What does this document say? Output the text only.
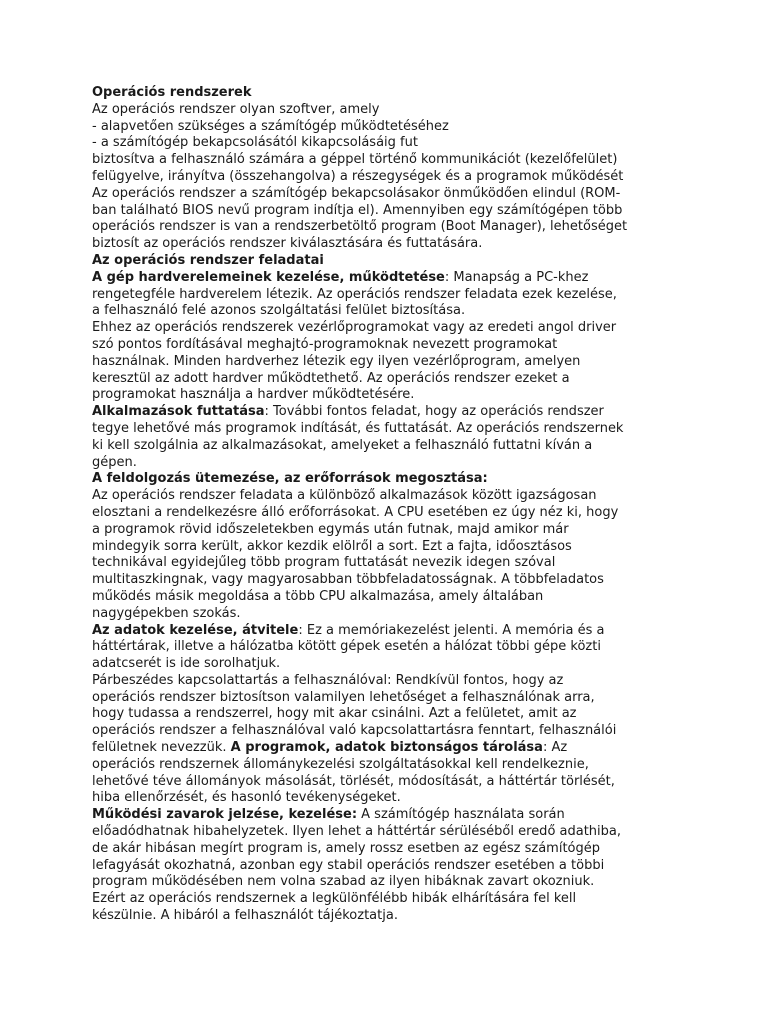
Operációs rendszerek
Az operációs rendszer olyan szoftver, amely
- alapvetően szükséges a számítógép működtetéséhez
- a számítógép bekapcsolásától kikapcsolásáig fut
biztosítva a felhasználó számára a géppel történő kommunikációt (kezelőfelület)
felügyelve, irányítva (összehangolva) a részegységek és a programok működését
Az operációs rendszer a számítógép bekapcsolásakor önműködően elindul (ROM-
ban található BIOS nevű program indítja el). Amennyiben egy számítógépen több
operációs rendszer is van a rendszerbetöltő program (Boot Manager), lehetőséget
biztosít az operációs rendszer kiválasztására és futtatására.
Az operációs rendszer feladatai
A gép hardverelemeinek kezelése, működtetése: Manapság a PC-khez
rengetegféle hardverelem létezik. Az operációs rendszer feladata ezek kezelése,
a felhasználó felé azonos szolgáltatási felület biztosítása.
Ehhez az operációs rendszerek vezérlőprogramokat vagy az eredeti angol driver
szó pontos fordításával meghajtó-programoknak nevezett programokat
használnak. Minden hardverhez létezik egy ilyen vezérlőprogram, amelyen
keresztül az adott hardver működtethető. Az operációs rendszer ezeket a
programokat használja a hardver működtetésére.
Alkalmazások futtatása: További fontos feladat, hogy az operációs rendszer
tegye lehetővé más programok indítását, és futtatását. Az operációs rendszernek
ki kell szolgálnia az alkalmazásokat, amelyeket a felhasználó futtatni kíván a
gépen.
A feldolgozás ütemezése, az erőforrások megosztása:
Az operációs rendszer feladata a különböző alkalmazások között igazságosan
elosztani a rendelkezésre álló erőforrásokat. A CPU esetében ez úgy néz ki, hogy
a programok rövid időszeletekben egymás után futnak, majd amikor már
mindegyik sorra került, akkor kezdik elölről a sort. Ezt a fajta, időosztásos
technikával egyidejűleg több program futtatását nevezik idegen szóval
multitaszkingnak, vagy magyarosabban többfeladatosságnak. A többfeladatos
működés másik megoldása a több CPU alkalmazása, amely általában
nagygépekben szokás.
Az adatok kezelése, átvitele: Ez a memóriakezelést jelenti. A memória és a
háttértárak, illetve a hálózatba kötött gépek esetén a hálózat többi gépe közti
adatcserét is ide sorolhatjuk.
Párbeszédes kapcsolattartás a felhasználóval: Rendkívül fontos, hogy az
operációs rendszer biztosítson valamilyen lehetőséget a felhasználónak arra,
hogy tudassa a rendszerrel, hogy mit akar csinálni. Azt a felületet, amit az
operációs rendszer a felhasználóval való kapcsolattartásra fenntart, felhasználói
felületnek nevezzük. A programok, adatok biztonságos tárolása: Az
operációs rendszernek állománykezelési szolgáltatásokkal kell rendelkeznie,
lehetővé téve állományok másolását, törlését, módosítását, a háttértár törlését,
hiba ellenőrzését, és hasonló tevékenységeket.
Működési zavarok jelzése, kezelése: A számítógép használata során
előadódhatnak hibahelyzetek. Ilyen lehet a háttértár sérüléséből eredő adathiba,
de akár hibásan megírt program is, amely rossz esetben az egész számítógép
lefagyását okozhatná, azonban egy stabil operációs rendszer esetében a többi
program működésében nem volna szabad az ilyen hibáknak zavart okozniuk.
Ezért az operációs rendszernek a legkülönfélébb hibák elhárítására fel kell
készülnie. A hibáról a felhasználót tájékoztatja.
